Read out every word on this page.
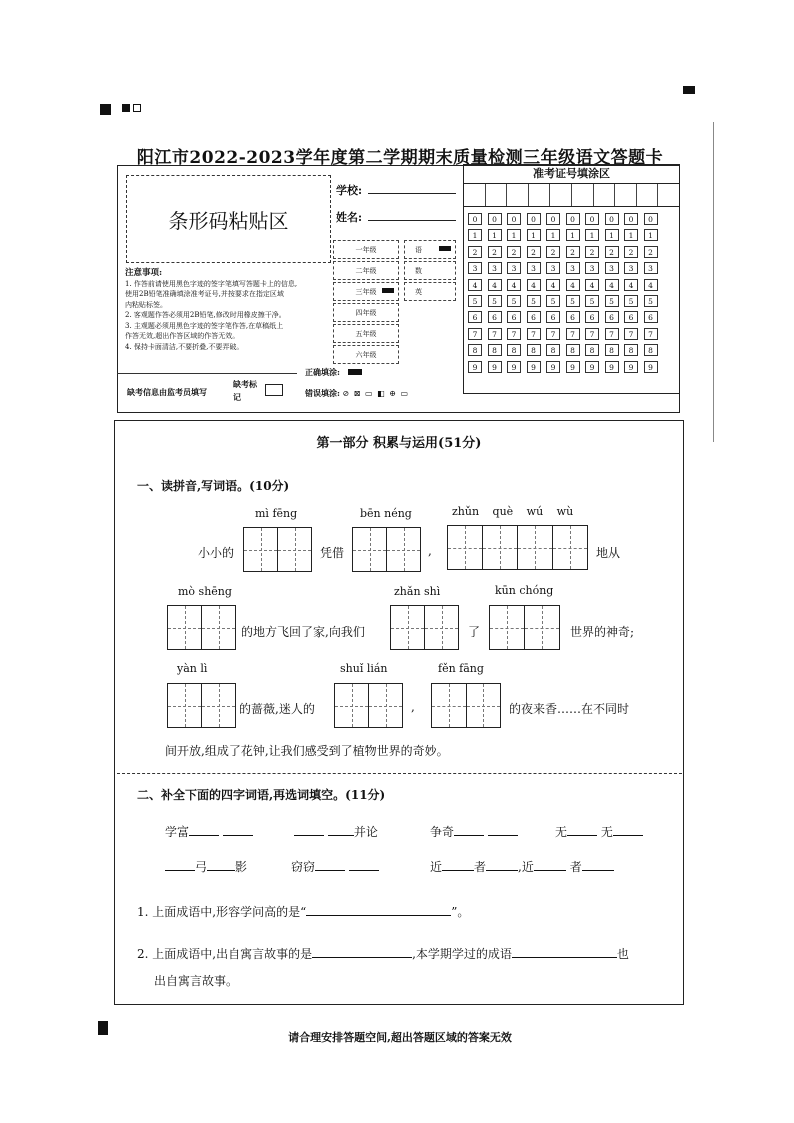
阳江市2022-2023学年度第二学期期末质量检测三年级语文答题卡
条形码粘贴区
学校:
姓名:
注意事项:
1. 作答前请使用黑色字迹的签字笔填写答题卡上的信息,
使用2B铅笔准确填涂准考证号,并按要求在指定区域
内粘贴标签。
2. 客观题作答必须用2B铅笔,修改时用橡皮擦干净。
3. 主观题必须用黑色字迹的签字笔作答,在草稿纸上
作答无效,超出作答区域的作答无效。
4. 保持卡面清洁,不要折叠,不要弄破。
缺考信息由监考员填写
缺考标记
一年级
二年级
三年级
四年级
五年级
六年级
语
数
英
正确填涂:
错误填涂: ⊘ ⊠ ▭ ◧ ⊕ ▭
准考证号填涂区
0	0	0	0	0	0	0	0	0	0
1	1	1	1	1	1	1	1	1	1
2	2	2	2	2	2	2	2	2	2
3	3	3	3	3	3	3	3	3	3
4	4	4	4	4	4	4	4	4	4
5	5	5	5	5	5	5	5	5	5
6	6	6	6	6	6	6	6	6	6
7	7	7	7	7	7	7	7	7	7
8	8	8	8	8	8	8	8	8	8
9	9	9	9	9	9	9	9	9	9
第一部分 积累与运用(51分)
一、读拼音,写词语。(10分)
mì fēng	bēn néng	zhǔn què wú wù
小小的	凭借	,	地从
mò shēng	zhǎn shì	kūn chóng
的地方飞回了家,向我们	了	世界的神奇;
yàn lì	shuǐ lián	fěn fāng
的蔷薇,迷人的	,	的夜来香……在不同时
间开放,组成了花钟,让我们感受到了植物世界的奇妙。
二、补全下面的四字词语,再选词填空。(11分)
学富	并论	争奇	无	无
弓 影	窃窃	近	者	,近	者
1. 上面成语中,形容学问高的是“	”。
2. 上面成语中,出自寓言故事的是	,本学期学过的成语	也
出自寓言故事。
请合理安排答题空间,超出答题区域的答案无效
